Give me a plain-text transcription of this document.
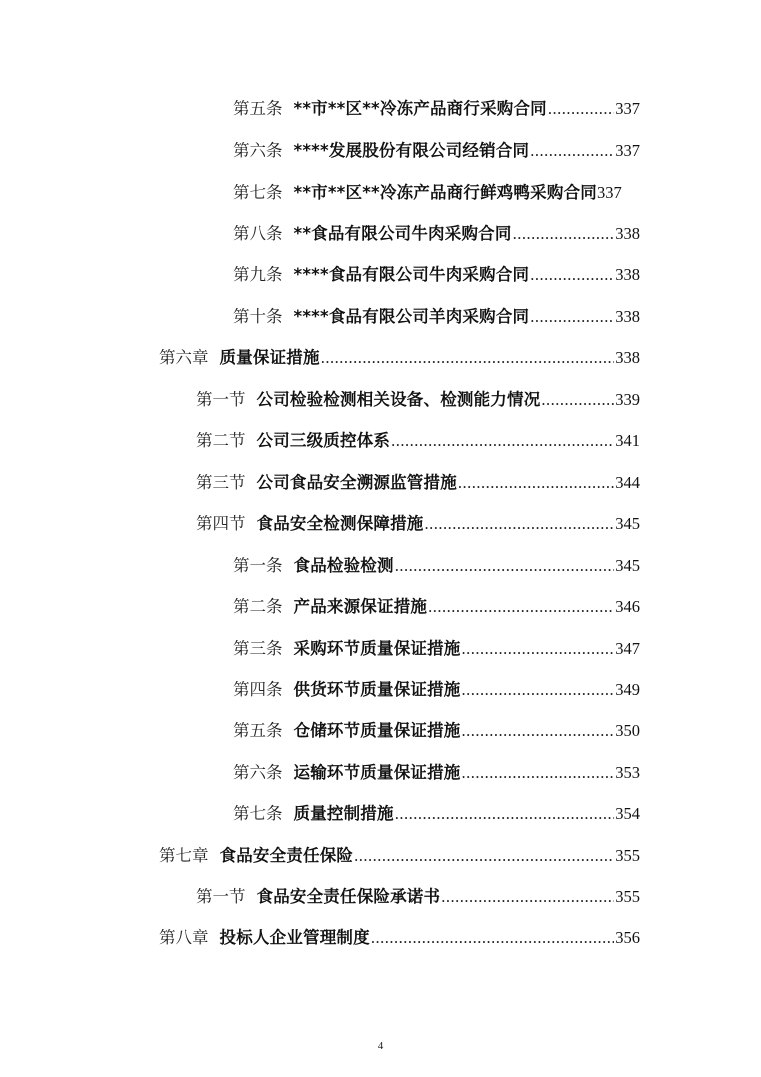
第五条 **市**区**冷冻产品商行采购合同 .....	337
第六条 ****发展股份有限公司经销合同 .....	337
第七条 **市**区**冷冻产品商行鲜鸡鸭采购合同 337
第八条 **食品有限公司牛肉采购合同 .....	338
第九条 ****食品有限公司牛肉采购合同 .....	338
第十条 ****食品有限公司羊肉采购合同 .....	338
第六章 质量保证措施 .....	338
第一节 公司检验检测相关设备、检测能力情况 .....	339
第二节 公司三级质控体系 .....	341
第三节 公司食品安全溯源监管措施 .....	344
第四节 食品安全检测保障措施 .....	345
第一条 食品检验检测 .....	345
第二条 产品来源保证措施 .....	346
第三条 采购环节质量保证措施 .....	347
第四条 供货环节质量保证措施 .....	349
第五条 仓储环节质量保证措施 .....	350
第六条 运输环节质量保证措施 .....	353
第七条 质量控制措施 .....	354
第七章 食品安全责任保险 .....	355
第一节 食品安全责任保险承诺书 .....	355
第八章 投标人企业管理制度 .....	356
4
